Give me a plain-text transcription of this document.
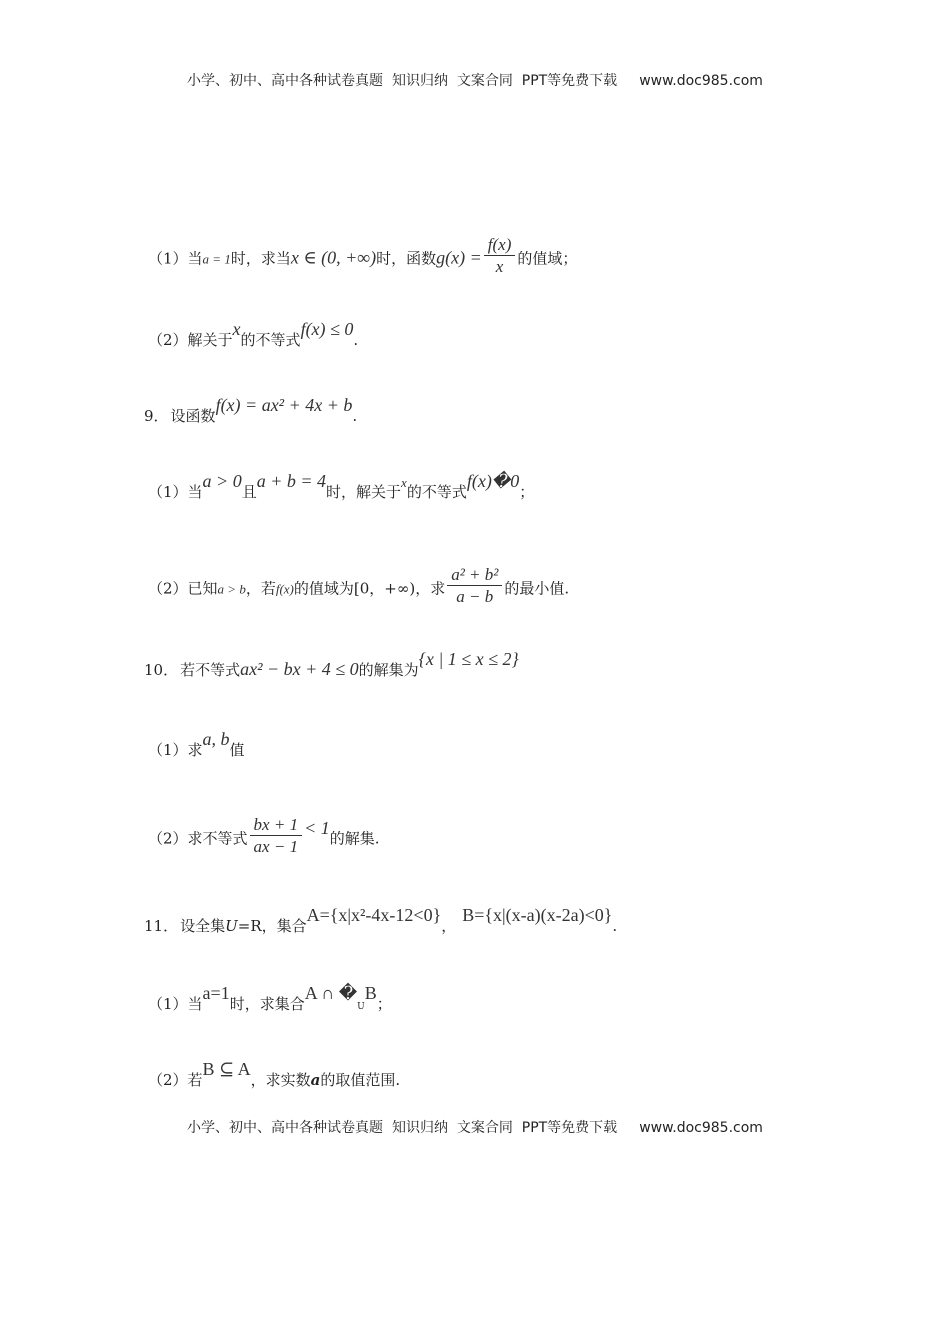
小学、初中、高中各种试卷真题  知识归纳  文案合同  PPT等免费下载 www.doc985.com
（1）当a = 1时，求当x ∈ (0, +∞)时，函数$g(x) = \frac{f(x)}{x}$ 的值域；
（2）解关于x的不等式f(x) ≤ 0.
9． 设函数f(x) = ax² + 4x + b.
（1）当a > 0且a + b = 4时，解关于x的不等式f(x)�0；
（2）已知a > b，若f(x)的值域为[0，+∞)，求 $\frac{\text{a² + b²}}{a - b}$ 的最小值.
10． 若不等式ax² − bx + 4 ≤ 0的解集为{x | 1 ≤ x ≤ 2}
（1）求a, b值
（2）求不等式 $\frac{bx + 1}{ax - 1} < 1$的解集.
11． 设全集U=R，集合A={x|x²-4x-12<0}，B={x|(x-a)(x-2a)<0}.
（1）当a=1时，求集合A ∩ �UB；
（2）若B ⊆ A，求实数a的取值范围.
小学、初中、高中各种试卷真题  知识归纳  文案合同  PPT等免费下载 www.doc985.com
